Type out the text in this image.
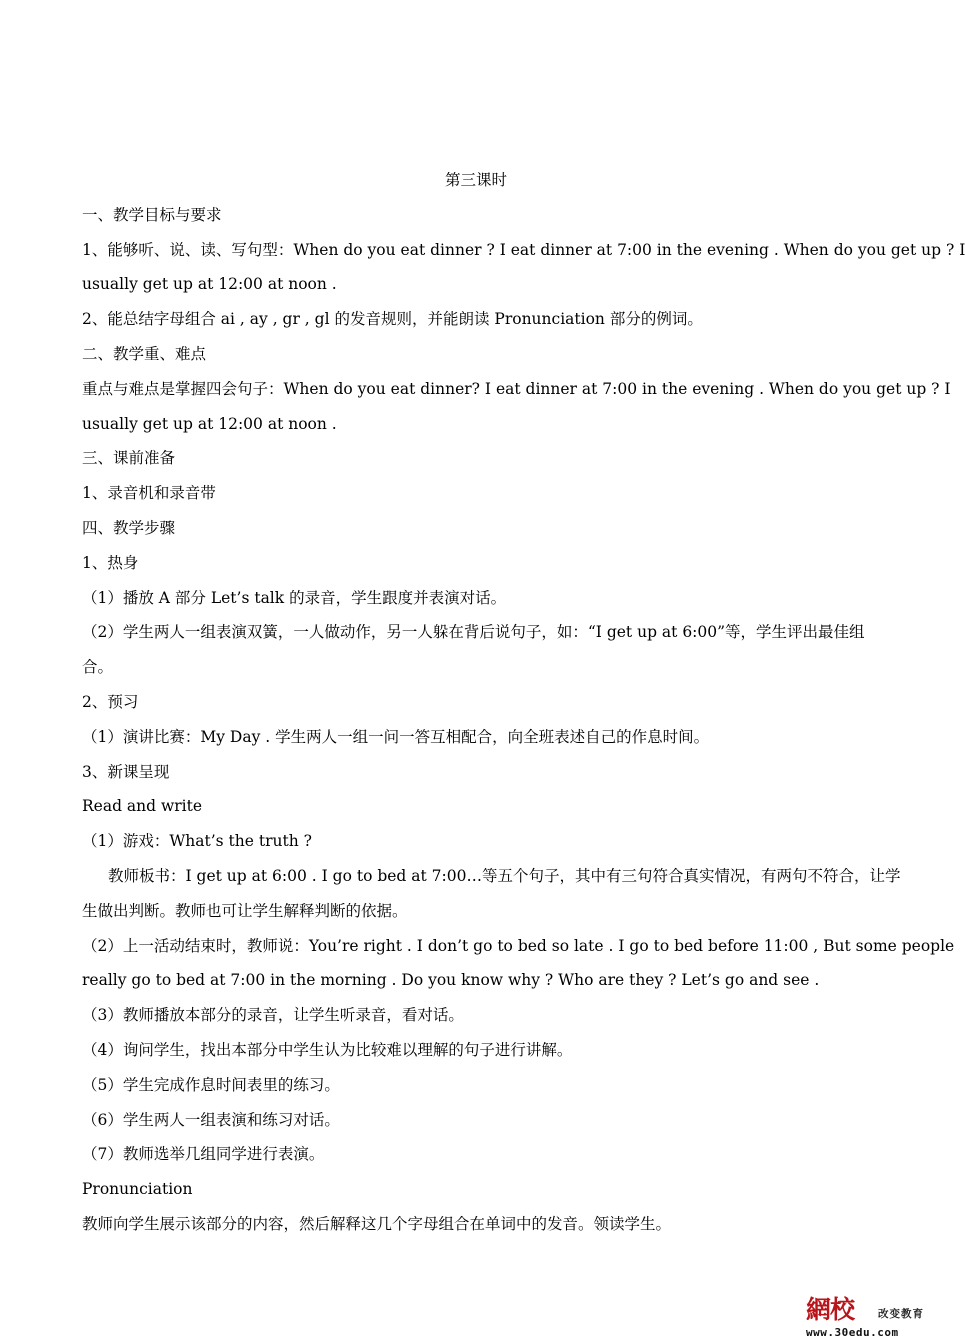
第三课时
一、教学目标与要求
1、能够听、说、读、写句型：When do you eat dinner ? I eat dinner at 7:00 in the evening . When do you get up ? I
usually get up at 12:00 at noon .
2、能总结字母组合 ai , ay , gr , gl 的发音规则，并能朗读 Pronunciation 部分的例词。
二、教学重、难点
重点与难点是掌握四会句子：When do you eat dinner? I eat dinner at 7:00 in the evening . When do you get up ? I
usually get up at 12:00 at noon .
三、课前准备
1、录音机和录音带
四、教学步骤
1、热身
（1）播放 A 部分 Let’s talk 的录音，学生跟度并表演对话。
（2）学生两人一组表演双簧，一人做动作，另一人躲在背后说句子，如：“I get up at 6:00”等，学生评出最佳组
合。
2、预习
（1）演讲比赛：My Day . 学生两人一组一问一答互相配合，向全班表述自己的作息时间。
3、新课呈现
Read and write
（1）游戏：What’s the truth ?
教师板书：I get up at 6:00 . I go to bed at 7:00…等五个句子，其中有三句符合真实情况，有两句不符合，让学
生做出判断。教师也可让学生解释判断的依据。
（2）上一活动结束时，教师说：You’re right . I don’t go to bed so late . I go to bed before 11:00 , But some people
really go to bed at 7:00 in the morning . Do you know why ? Who are they ? Let’s go and see .
（3）教师播放本部分的录音，让学生听录音，看对话。
（4）询问学生，找出本部分中学生认为比较难以理解的句子进行讲解。
（5）学生完成作息时间表里的练习。
（6）学生两人一组表演和练习对话。
（7）教师选举几组同学进行表演。
Pronunciation
教师向学生展示该部分的内容，然后解释这几个字母组合在单词中的发音。领读学生。
網校 改变教育
www.30edu.com
